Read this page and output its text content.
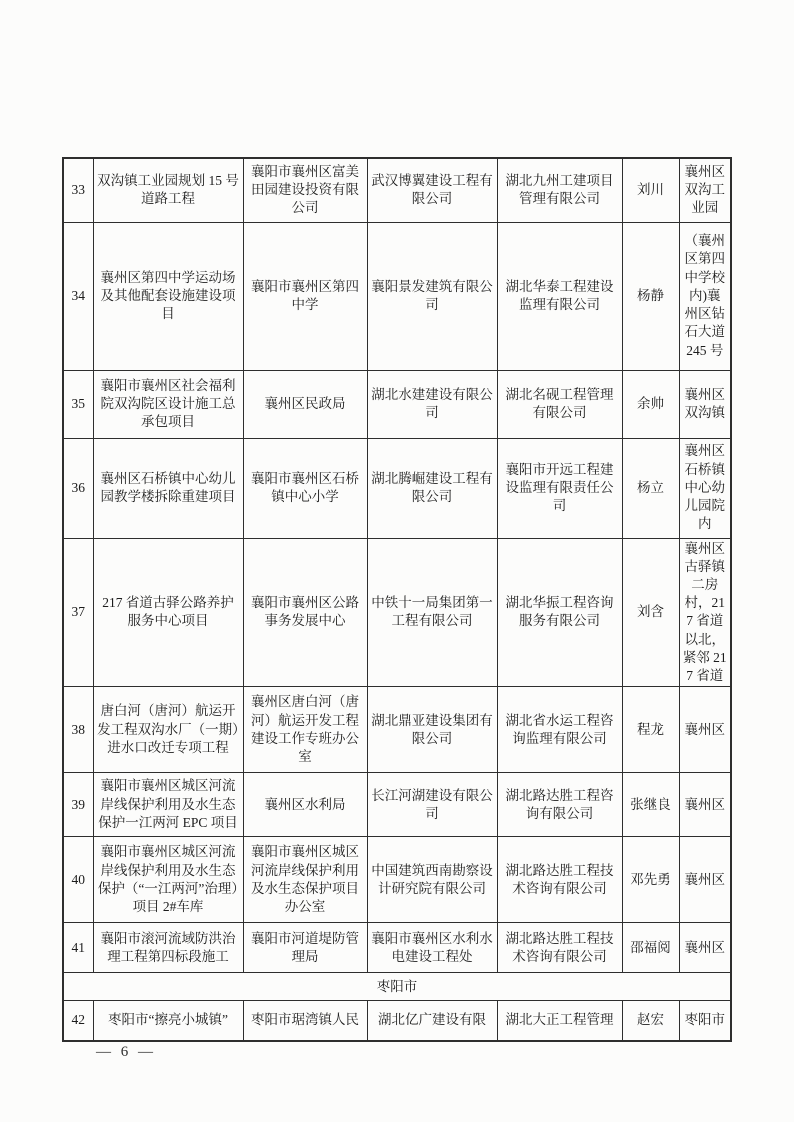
33	双沟镇工业园规划 15 号道路工程	襄阳市襄州区富美田园建设投资有限公司	武汉博翼建设工程有限公司	湖北九州工建项目管理有限公司	刘川	襄州区双沟工业园
34	襄州区第四中学运动场及其他配套设施建设项目	襄阳市襄州区第四中学	襄阳景发建筑有限公司	湖北华泰工程建设监理有限公司	杨静	（襄州区第四中学校内)襄州区钻石大道 245 号
35	襄阳市襄州区社会福利院双沟院区设计施工总承包项目	襄州区民政局	湖北水建建设有限公司	湖北名砚工程管理有限公司	余帅	襄州区双沟镇
36	襄州区石桥镇中心幼儿园教学楼拆除重建项目	襄阳市襄州区石桥镇中心小学	湖北腾崛建设工程有限公司	襄阳市开远工程建设监理有限责任公司	杨立	襄州区石桥镇中心幼儿园院内
37	217 省道古驿公路养护服务中心项目	襄阳市襄州区公路事务发展中心	中铁十一局集团第一工程有限公司	湖北华振工程咨询服务有限公司	刘含	襄州区古驿镇二房村，217 省道以北，紧邻 217 省道
38	唐白河（唐河）航运开发工程双沟水厂（一期）进水口改迁专项工程	襄州区唐白河（唐河）航运开发工程建设工作专班办公室	湖北鼎亚建设集团有限公司	湖北省水运工程咨询监理有限公司	程龙	襄州区
39	襄阳市襄州区城区河流岸线保护利用及水生态保护一江两河 EPC 项目	襄州区水利局	长江河湖建设有限公司	湖北路达胜工程咨询有限公司	张继良	襄州区
40	襄阳市襄州区城区河流岸线保护利用及水生态保护（“一江两河”治理）项目 2#车库	襄阳市襄州区城区河流岸线保护利用及水生态保护项目办公室	中国建筑西南勘察设计研究院有限公司	湖北路达胜工程技术咨询有限公司	邓先勇	襄州区
41	襄阳市滚河流域防洪治理工程第四标段施工	襄阳市河道堤防管理局	襄阳市襄州区水利水电建设工程处	湖北路达胜工程技术咨询有限公司	邵福阅	襄州区
枣阳市						
42	枣阳市“擦亮小城镇”	枣阳市琚湾镇人民	湖北亿广建设有限	湖北大正工程管理	赵宏	枣阳市
— 6 —
